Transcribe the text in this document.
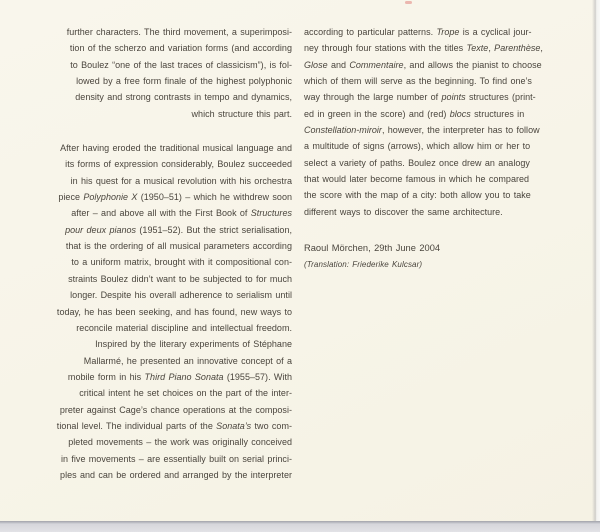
further characters. The third movement, a superimposi-
tion of the scherzo and variation forms (and according
to Boulez “one of the last traces of classicism”), is fol-
lowed by a free form finale of the highest polyphonic
density and strong contrasts in tempo and dynamics,
which structure this part.
After having eroded the traditional musical language and
its forms of expression considerably, Boulez succeeded
in his quest for a musical revolution with his orchestra
piece Polyphonie X (1950–51) – which he withdrew soon
after – and above all with the First Book of Structures
pour deux pianos (1951–52). But the strict serialisation,
that is the ordering of all musical parameters according
to a uniform matrix, brought with it compositional con-
straints Boulez didn’t want to be subjected to for much
longer. Despite his overall adherence to serialism until
today, he has been seeking, and has found, new ways to
reconcile material discipline and intellectual freedom.
Inspired by the literary experiments of Stéphane
Mallarmé, he presented an innovative concept of a
mobile form in his Third Piano Sonata (1955–57). With
critical intent he set choices on the part of the inter-
preter against Cage’s chance operations at the composi-
tional level. The individual parts of the Sonata’s two com-
pleted movements – the work was originally conceived
in five movements – are essentially built on serial princi-
ples and can be ordered and arranged by the interpreter
according to particular patterns. Trope is a cyclical jour-
ney through four stations with the titles Texte, Parenthèse,
Glose and Commentaire, and allows the pianist to choose
which of them will serve as the beginning. To find one’s
way through the large number of points structures (print-
ed in green in the score) and (red) blocs structures in
Constellation-miroir, however, the interpreter has to follow
a multitude of signs (arrows), which allow him or her to
select a variety of paths. Boulez once drew an analogy
that would later become famous in which he compared
the score with the map of a city: both allow you to take
different ways to discover the same architecture.
Raoul Mörchen, 29th June 2004
(Translation: Friederike Kulcsar)
